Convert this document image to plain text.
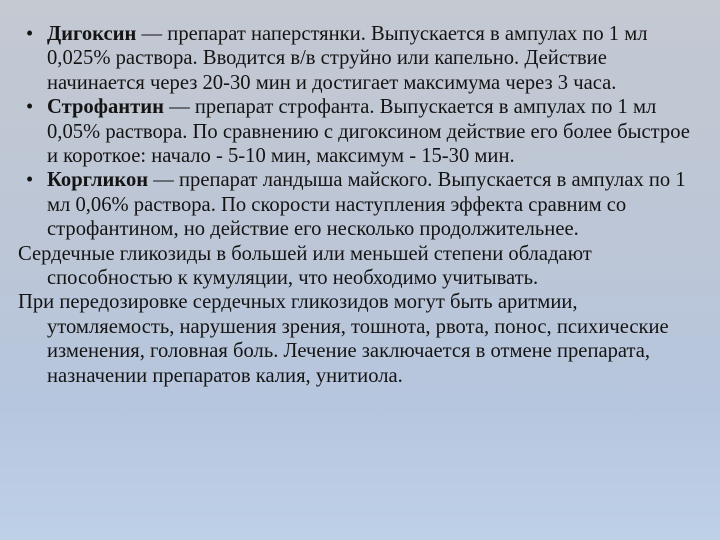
• Дигоксин — препарат наперстянки. Выпускается в ампулах по 1 мл 0,025% раствора. Вводится в/в струйно или капельно. Действие начинается через 20-30 мин и достигает максимума через 3 часа.
• Строфантин — препарат строфанта. Выпускается в ампулах по 1 мл 0,05% раствора. По сравнению с дигоксином действие его более быстрое и короткое: начало - 5-10 мин, максимум - 15-30 мин.
• Коргликон — препарат ландыша майского. Выпускается в ампулах по 1 мл 0,06% раствора. По скорости наступления эффекта сравним со строфантином, но действие его несколько продолжительнее.
Сердечные гликозиды в большей или меньшей степени обладают способностью к кумуляции, что необходимо учитывать.
При передозировке сердечных гликозидов могут быть аритмии, утомляемость, нарушения зрения, тошнота, рвота, понос, психические изменения, головная боль. Лечение заключается в отмене препарата, назначении препаратов калия, унитиола.
